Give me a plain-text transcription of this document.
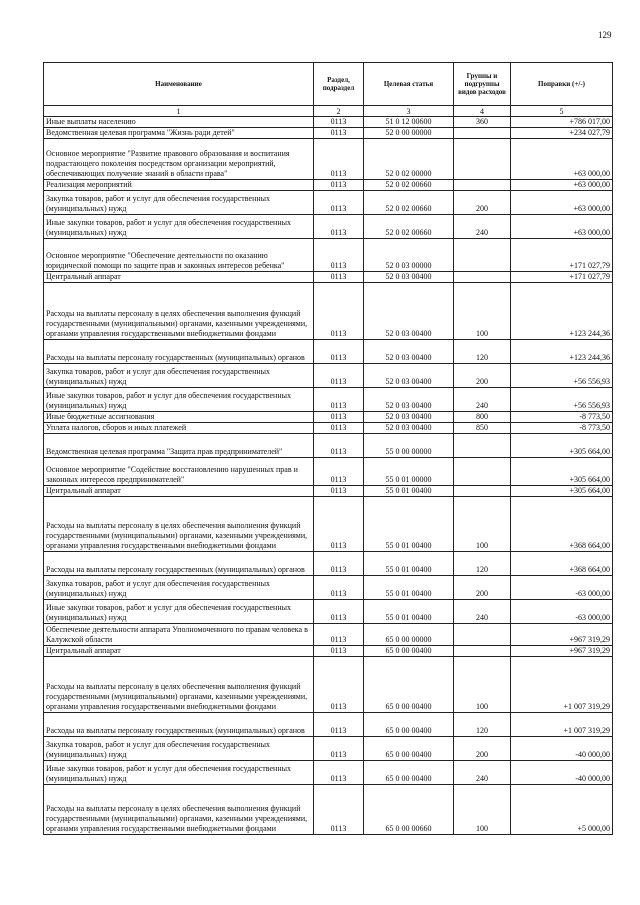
129
Наименование	Раздел, подраздел	Целевая статья	Группы и подгруппы видов расходов	Поправки (+/-)
1	2	3	4	5
Иные выплаты населению	0113	51 0 12 00600	360	+786 017,00
Ведомственная целевая программа "Жизнь ради детей"	0113	52 0 00 00000		+234 027,79
Основное мероприятие "Развитие правового образования и воспитания подрастающего поколения посредством организации мероприятий, обеспечивающих получение знаний в области права"	0113	52 0 02 00000		+63 000,00
Реализация мероприятий	0113	52 0 02 00660		+63 000,00
Закупка товаров, работ и услуг для обеспечения государственных (муниципальных) нужд	0113	52 0 02 00660	200	+63 000,00
Иные закупки товаров, работ и услуг для обеспечения государственных (муниципальных) нужд	0113	52 0 02 00660	240	+63 000,00
Основное мероприятие "Обеспечение деятельности по оказанию юридической помощи по защите прав и законных интересов ребенка"	0113	52 0 03 00000		+171 027,79
Центральный аппарат	0113	52 0 03 00400		+171 027,79
Расходы на выплаты персоналу в целях обеспечения выполнения функций государственными (муниципальными) органами, казенными учреждениями, органами управления государственными внебюджетными фондами	0113	52 0 03 00400	100	+123 244,36
Расходы на выплаты персоналу государственных (муниципальных) органов	0113	52 0 03 00400	120	+123 244,36
Закупка товаров, работ и услуг для обеспечения государственных (муниципальных) нужд	0113	52 0 03 00400	200	+56 556,93
Иные закупки товаров, работ и услуг для обеспечения государственных (муниципальных) нужд	0113	52 0 03 00400	240	+56 556,93
Иные бюджетные ассигнования	0113	52 0 03 00400	800	-8 773,50
Уплата налогов, сборов и иных платежей	0113	52 0 03 00400	850	-8 773,50
Ведомственная целевая программа "Защита прав предпринимателей"	0113	55 0 00 00000		+305 664,00
Основное мероприятие "Содействие восстановлению нарушенных прав и законных интересов предпринимателей"	0113	55 0 01 00000		+305 664,00
Центральный аппарат	0113	55 0 01 00400		+305 664,00
Расходы на выплаты персоналу в целях обеспечения выполнения функций государственными (муниципальными) органами, казенными учреждениями, органами управления государственными внебюджетными фондами	0113	55 0 01 00400	100	+368 664,00
Расходы на выплаты персоналу государственных (муниципальных) органов	0113	55 0 01 00400	120	+368 664,00
Закупка товаров, работ и услуг для обеспечения государственных (муниципальных) нужд	0113	55 0 01 00400	200	-63 000,00
Иные закупки товаров, работ и услуг для обеспечения государственных (муниципальных) нужд	0113	55 0 01 00400	240	-63 000,00
Обеспечение деятельности аппарата Уполномоченного по правам человека в Калужской области	0113	65 0 00 00000		+967 319,29
Центральный аппарат	0113	65 0 00 00400		+967 319,29
Расходы на выплаты персоналу в целях обеспечения выполнения функций государственными (муниципальными) органами, казенными учреждениями, органами управления государственными внебюджетными фондами	0113	65 0 00 00400	100	+1 007 319,29
Расходы на выплаты персоналу государственных (муниципальных) органов	0113	65 0 00 00400	120	+1 007 319,29
Закупка товаров, работ и услуг для обеспечения государственных (муниципальных) нужд	0113	65 0 00 00400	200	-40 000,00
Иные закупки товаров, работ и услуг для обеспечения государственных (муниципальных) нужд	0113	65 0 00 00400	240	-40 000,00
Расходы на выплаты персоналу в целях обеспечения выполнения функций государственными (муниципальными) органами, казенными учреждениями, органами управления государственными внебюджетными фондами	0113	65 0 00 00660	100	+5 000,00
